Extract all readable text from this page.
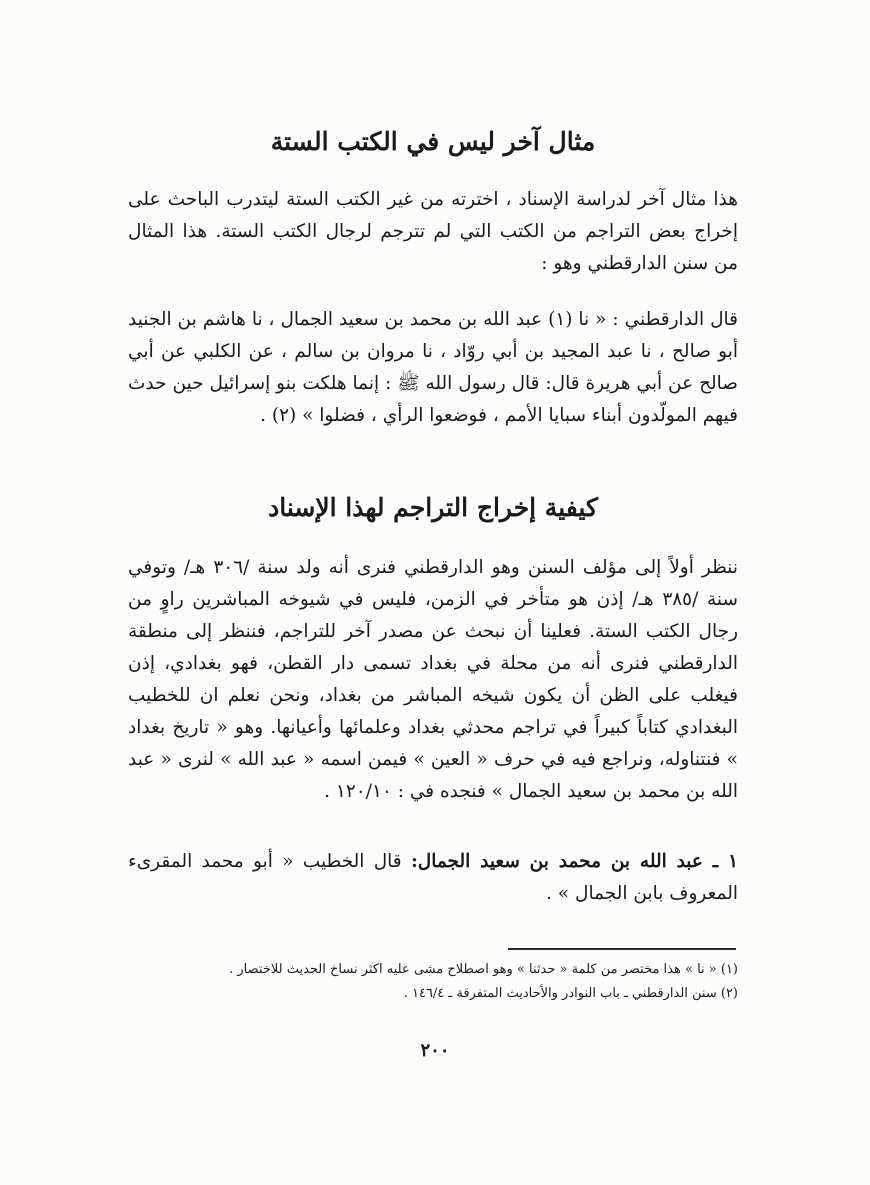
مثال آخر ليس في الكتب الستة

هذا مثال آخر لدراسة الإسناد ، اخترته من غير الكتب الستة ليتدرب الباحث على إخراج بعض التراجم من الكتب التي لم تترجم لرجال الكتب الستة. هذا المثال من سنن الدارقطني وهو :

قال الدارقطني : « نا (١) عبد الله بن محمد بن سعيد الجمال ، نا هاشم بن الجنيد أبو صالح ، نا عبد المجيد بن أبي روّاد ، نا مروان بن سالم ، عن الكلبي عن أبي صالح عن أبي هريرة قال: قال رسول الله ﷺ : إنما هلكت بنو إسرائيل حين حدث فيهم المولّدون أبناء سبايا الأمم ، فوضعوا الرأي ، فضلوا » (٢) .

كيفية إخراج التراجم لهذا الإسناد

ننظر أولاً إلى مؤلف السنن وهو الدارقطني فنرى أنه ولد سنة /٣٠٦ هـ/ وتوفي سنة /٣٨٥ هـ/ إذن هو متأخر في الزمن، فليس في شيوخه المباشرين راوٍ من رجال الكتب الستة. فعلينا أن نبحث عن مصدر آخر للتراجم، فننظر إلى منطقة الدارقطني فنرى أنه من محلة في بغداد تسمى دار القطن، فهو بغدادي، إذن فيغلب على الظن أن يكون شيخه المباشر من بغداد، ونحن نعلم ان للخطيب البغدادي كتاباً كبيراً في تراجم محدثي بغداد وعلمائها وأعيانها. وهو « تاريخ بغداد » فنتناوله، ونراجع فيه في حرف « العين » فيمن اسمه « عبد الله » لنرى « عبد الله بن محمد بن سعيد الجمال » فنجده في : ١٢٠/١٠ .

١ ـ عبد الله بن محمد بن سعيد الجمال: قال الخطيب « أبو محمد المقرىء المعروف بابن الجمال » .

(١) « نا » هذا مختصر من كلمة « حدثنا » وهو اصطلاح مشى عليه اكثر نساخ الحديث للاختصار .
(٢) سنن الدارقطني ـ باب النوادر والأحاديث المتفرقة ـ ١٤٦/٤ .
٢٠٠
